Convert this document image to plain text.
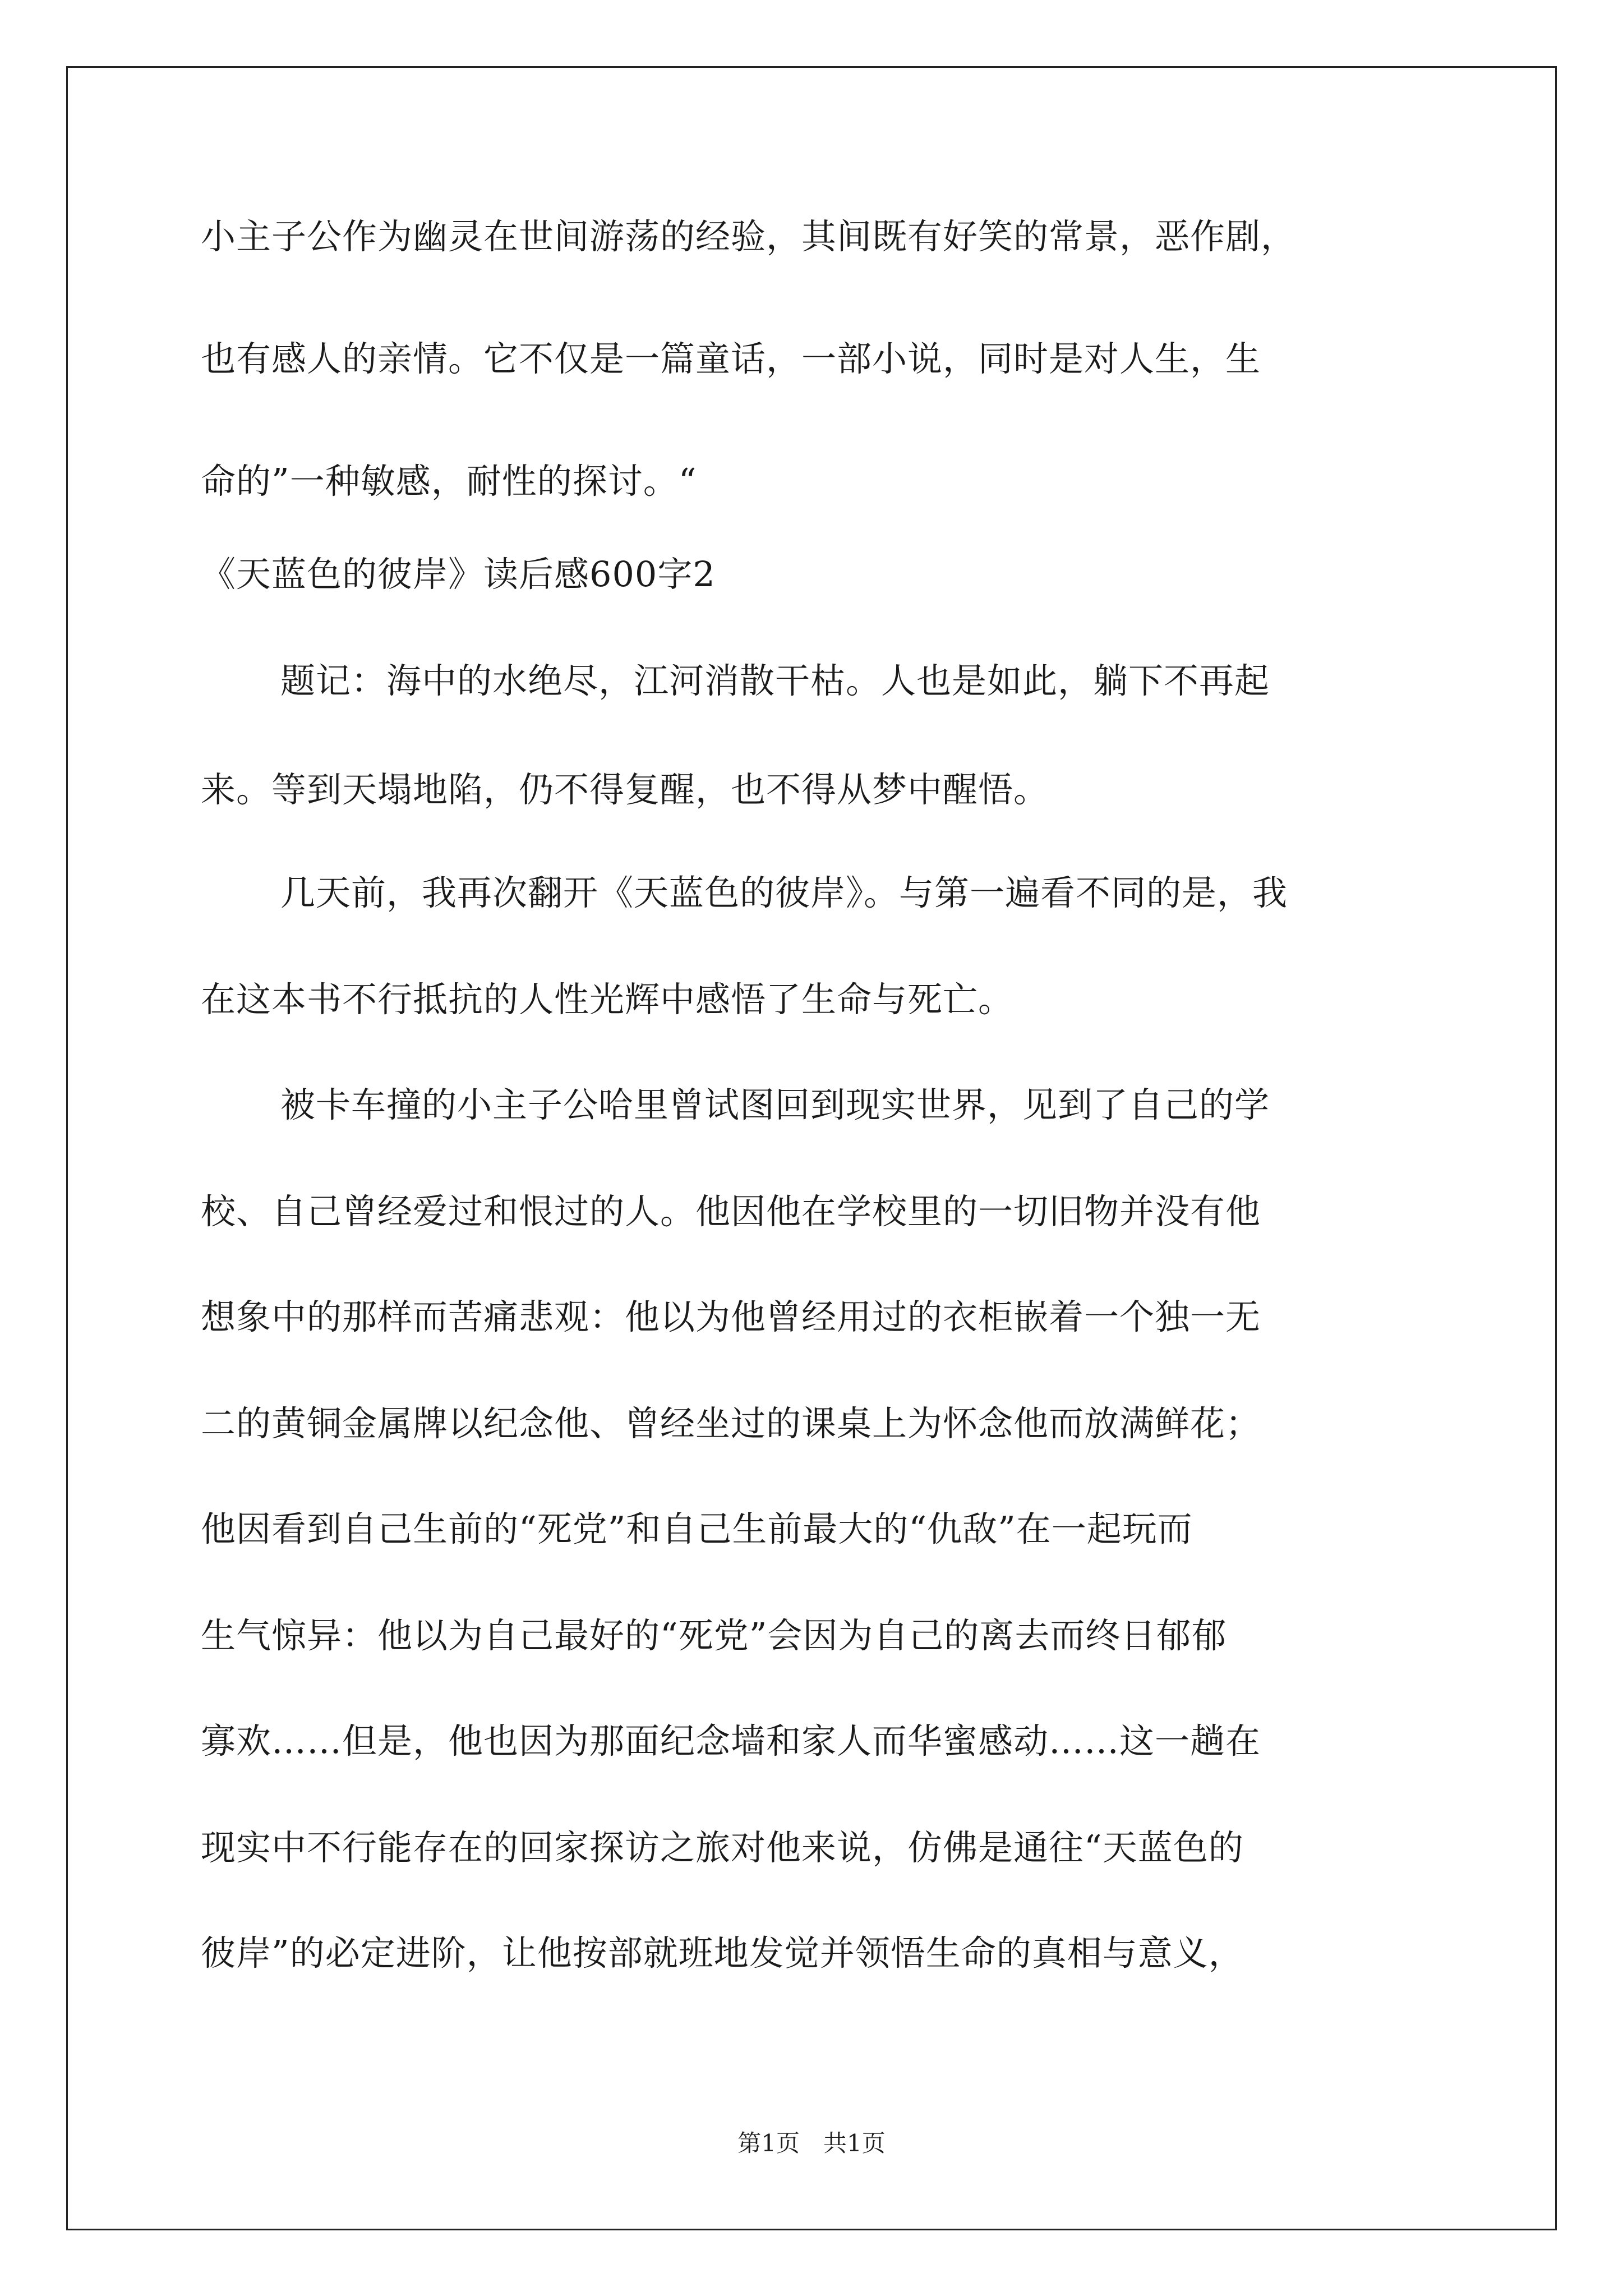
小主子公作为幽灵在世间游荡的经验，其间既有好笑的常景，恶作剧，
也有感人的亲情。它不仅是一篇童话，一部小说，同时是对人生，生
命的”一种敏感，耐性的探讨。“
《天蓝色的彼岸》读后感600字2
题记：海中的水绝尽，江河消散干枯。人也是如此，躺下不再起
来。等到天塌地陷，仍不得复醒，也不得从梦中醒悟。
几天前，我再次翻开《天蓝色的彼岸》。与第一遍看不同的是，我
在这本书不行抵抗的人性光辉中感悟了生命与死亡。
被卡车撞的小主子公哈里曾试图回到现实世界，见到了自己的学
校、自己曾经爱过和恨过的人。他因他在学校里的一切旧物并没有他
想象中的那样而苦痛悲观：他以为他曾经用过的衣柜嵌着一个独一无
二的黄铜金属牌以纪念他、曾经坐过的课桌上为怀念他而放满鲜花；
他因看到自己生前的“死党”和自己生前最大的“仇敌”在一起玩而
生气惊异：他以为自己最好的“死党”会因为自己的离去而终日郁郁
寡欢……但是，他也因为那面纪念墙和家人而华蜜感动……这一趟在
现实中不行能存在的回家探访之旅对他来说，仿佛是通往“天蓝色的
彼岸”的必定进阶，让他按部就班地发觉并领悟生命的真相与意义，
第1页　共1页
